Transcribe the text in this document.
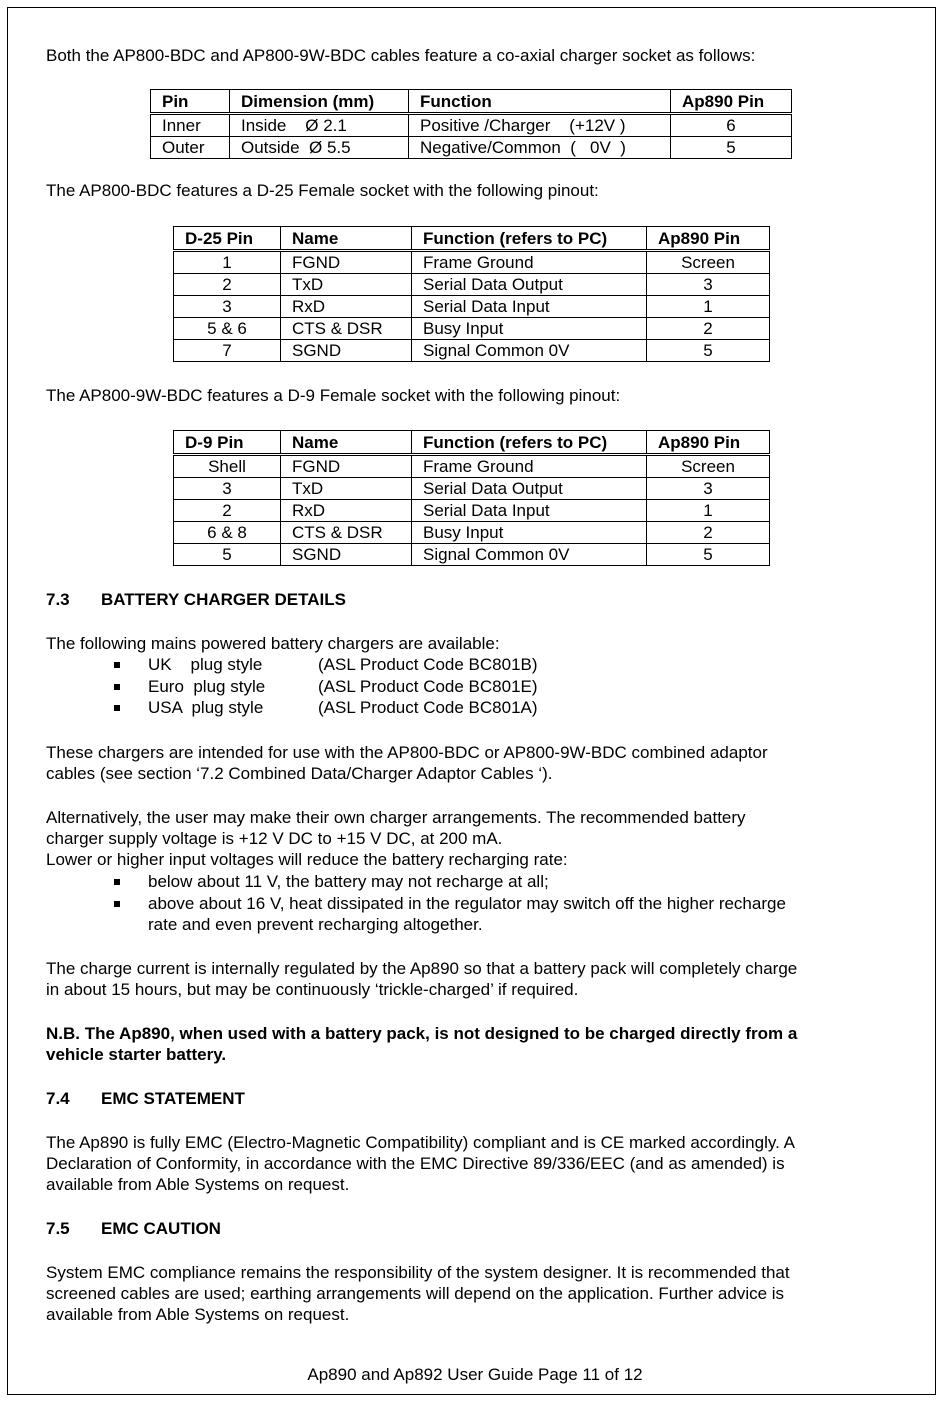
Both the AP800-BDC and AP800-9W-BDC cables feature a co-axial charger socket as follows:
Pin	Dimension (mm)	Function	Ap890 Pin
Inner	Inside    Ø 2.1	Positive /Charger    (+12V )	6
Outer	Outside  Ø 5.5	Negative/Common  (   0V  )	5
The AP800-BDC features a D-25 Female socket with the following pinout:
D-25 Pin	Name	Function (refers to PC)	Ap890 Pin
1	FGND	Frame Ground	Screen
2	TxD	Serial Data Output	3
3	RxD	Serial Data Input	1
5 & 6	CTS & DSR	Busy Input	2
7	SGND	Signal Common 0V	5
The AP800-9W-BDC features a D-9 Female socket with the following pinout:
D-9 Pin	Name	Function (refers to PC)	Ap890 Pin
Shell	FGND	Frame Ground	Screen
3	TxD	Serial Data Output	3
2	RxD	Serial Data Input	1
6 & 8	CTS & DSR	Busy Input	2
5	SGND	Signal Common 0V	5
7.3 BATTERY CHARGER DETAILS
The following mains powered battery chargers are available:
UK    plug style	(ASL Product Code BC801B)
Euro  plug style	(ASL Product Code BC801E)
USA  plug style	(ASL Product Code BC801A)
These chargers are intended for use with the AP800-BDC or AP800-9W-BDC combined adaptor
cables (see section ‘7.2 Combined Data/Charger Adaptor Cables ‘).
Alternatively, the user may make their own charger arrangements. The recommended battery
charger supply voltage is +12 V DC to +15 V DC, at 200 mA.
Lower or higher input voltages will reduce the battery recharging rate:
below about 11 V, the battery may not recharge at all;
above about 16 V, heat dissipated in the regulator may switch off the higher recharge
rate and even prevent recharging altogether.
The charge current is internally regulated by the Ap890 so that a battery pack will completely charge
in about 15 hours, but may be continuously ‘trickle-charged’ if required.
N.B. The Ap890, when used with a battery pack, is not designed to be charged directly from a
vehicle starter battery.
7.4 EMC STATEMENT
The Ap890 is fully EMC (Electro-Magnetic Compatibility) compliant and is CE marked accordingly. A
Declaration of Conformity, in accordance with the EMC Directive 89/336/EEC (and as amended) is
available from Able Systems on request.
7.5 EMC CAUTION
System EMC compliance remains the responsibility of the system designer. It is recommended that
screened cables are used; earthing arrangements will depend on the application. Further advice is
available from Able Systems on request.
Ap890 and Ap892 User Guide Page 11 of 12
